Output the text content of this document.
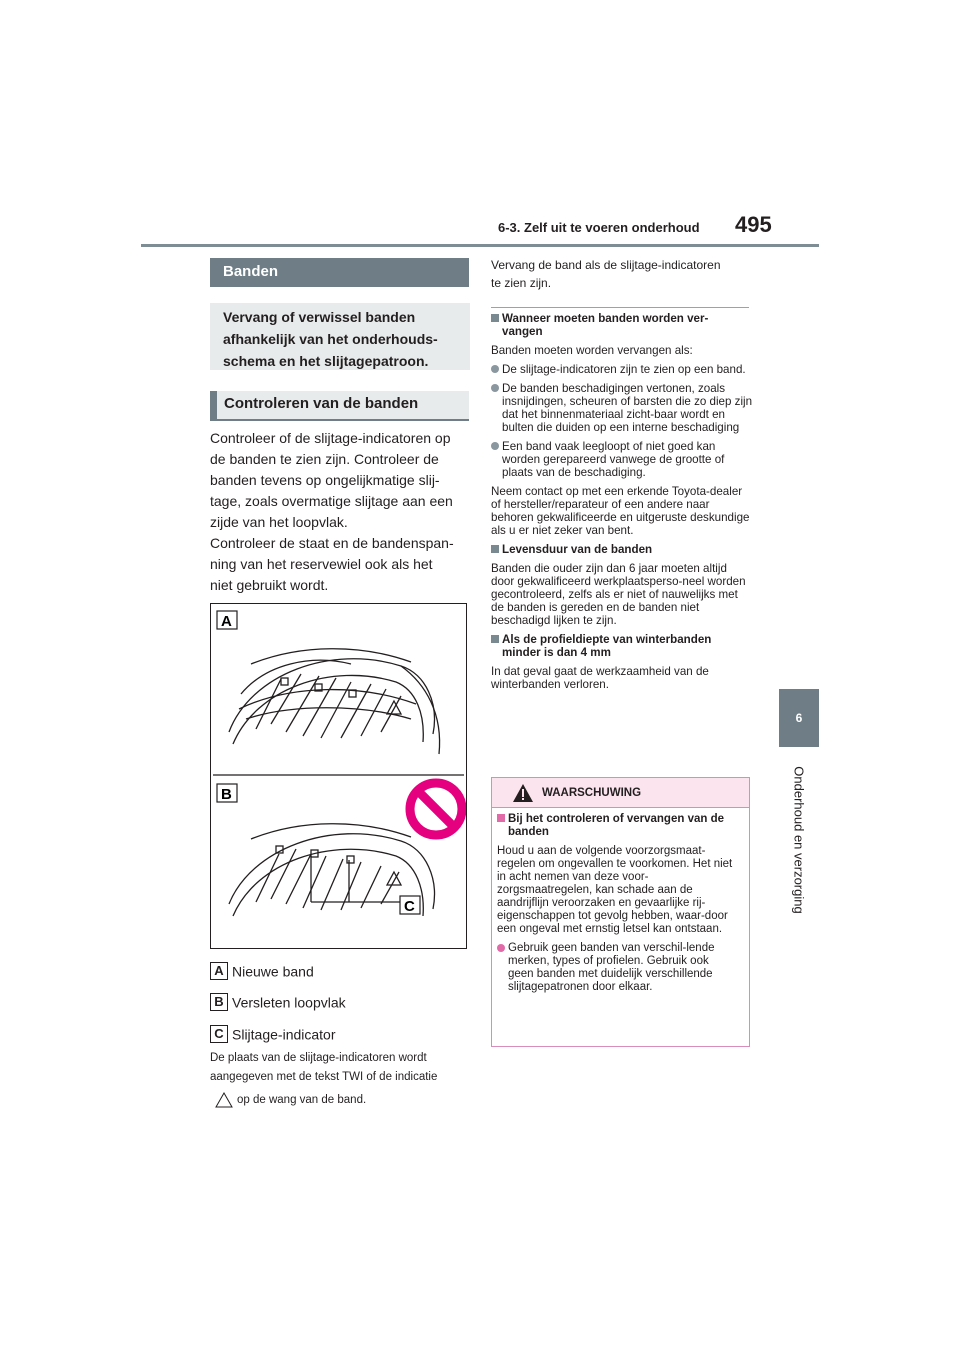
6-3. Zelf uit te voeren onderhoud 495
6
Onderhoud en verzorging
Banden
Vervang of verwissel banden
afhankelijk van het onderhouds-
schema en het slijtagepatroon.
Controleren van de banden

Controleer of de slijtage-indicatoren op

de banden te zien zijn. Controleer de

banden tevens op ongelijkmatige slij-

tage, zoals overmatige slijtage aan een

zijde van het loopvlak.

Controleer de staat en de bandenspan-

ning van het reservewiel ook als het

niet gebruikt wordt.

A
B
C
A Nieuwe band
B Versleten loopvlak
C Slijtage-indicator
De plaats van de slijtage-indicatoren wordt
aangegeven met de tekst TWI of de indicatie
op de wang van de band.
Vervang de band als de slijtage-indicatoren
te zien zijn.

Wanneer moeten banden worden ver-
vangen

Banden moeten worden vervangen als:

De slijtage-indicatoren zijn te zien op een band.

De banden beschadigingen vertonen, zoals insnijdingen, scheuren of barsten die zo diep zijn dat het binnenmateriaal zicht-baar wordt en bulten die duiden op een interne beschadiging

Een band vaak leegloopt of niet goed kan worden gerepareerd vanwege de grootte of plaats van de beschadiging.

Neem contact op met een erkende Toyota-dealer of hersteller/reparateur of een andere naar behoren gekwalificeerde en uitgeruste deskundige als u er niet zeker van bent.

Levensduur van de banden

Banden die ouder zijn dan 6 jaar moeten altijd door gekwalificeerd werkplaatsperso-neel worden gecontroleerd, zelfs als er niet of nauwelijks met de banden is gereden en de banden niet beschadigd lijken te zijn.

Als de profieldiepte van winterbanden minder is dan 4 mm

In dat geval gaat de werkzaamheid van de winterbanden verloren.

WAARSCHUWING

Bij het controleren of vervangen van de banden

Houd u aan de volgende voorzorgsmaat-regelen om ongevallen te voorkomen. Het niet in acht nemen van deze voor-zorgsmaatregelen, kan schade aan de aandrijflijn veroorzaken en gevaarlijke rij-eigenschappen tot gevolg hebben, waar-door een ongeval met ernstig letsel kan ontstaan.

Gebruik geen banden van verschil-lende merken, types of profielen. Gebruik ook geen banden met duidelijk verschillende slijtagepatronen door elkaar.
